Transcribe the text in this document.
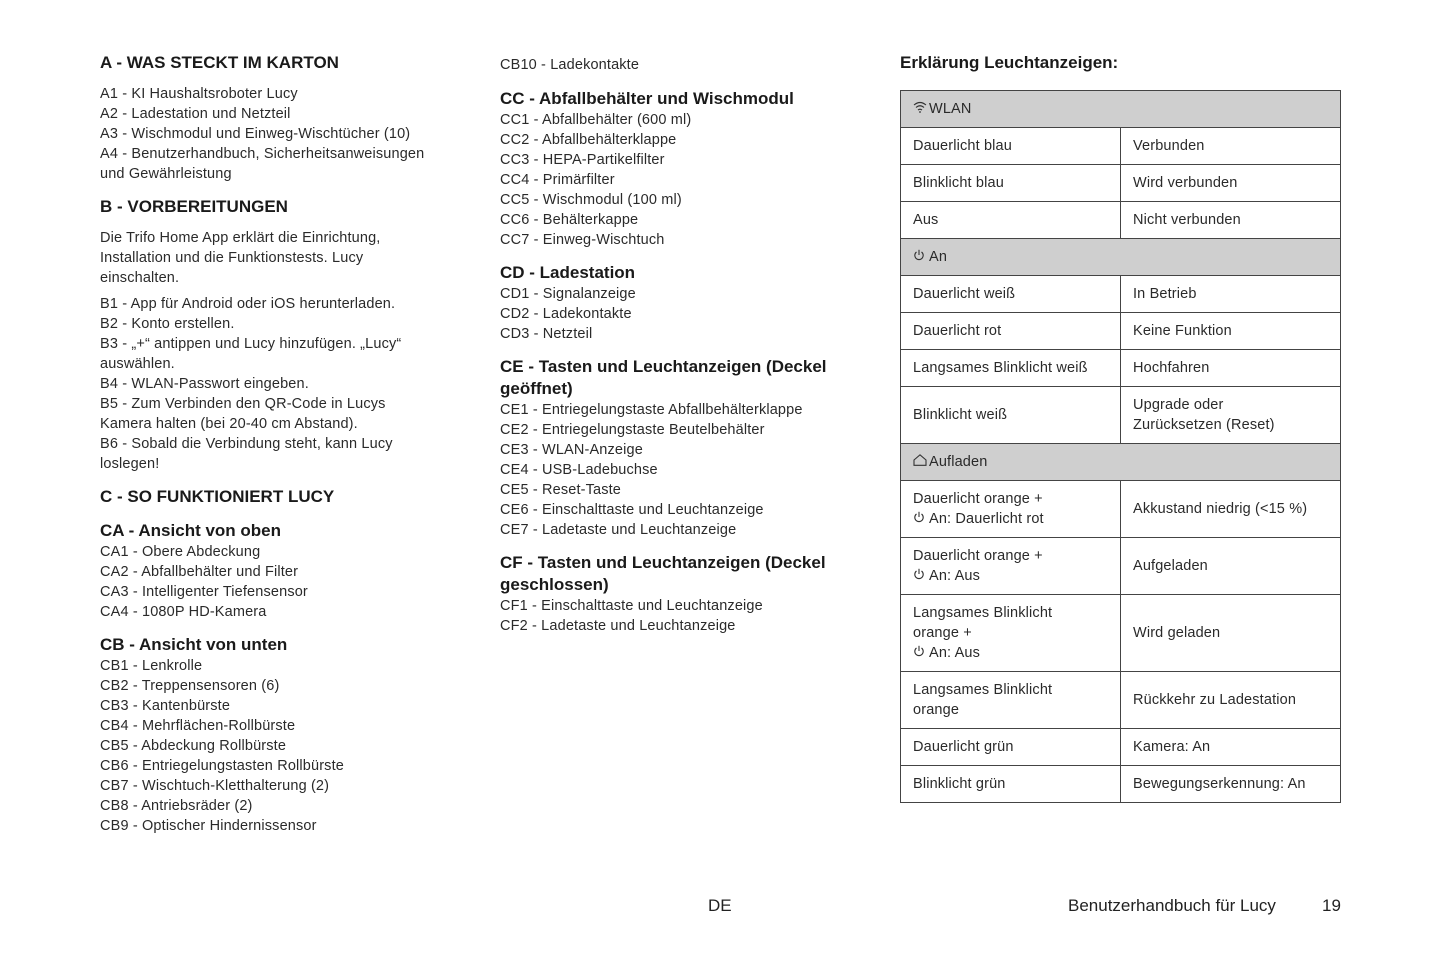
A - WAS STECKT IM KARTON
A1 - KI Haushaltsroboter Lucy
A2 - Ladestation und Netzteil
A3 - Wischmodul und Einweg-Wischtücher (10)
A4 - Benutzerhandbuch, Sicherheitsanweisungen
und Gewährleistung
B - VORBEREITUNGEN

Die Trifo Home App erklärt die Einrichtung,

Installation und die Funktionstests. Lucy

einschalten.

B1 - App für Android oder iOS herunterladen.
B2 - Konto erstellen.
B3 - „+“ antippen und Lucy hinzufügen. „Lucy“
auswählen.
B4 - WLAN-Passwort eingeben.
B5 - Zum Verbinden den QR-Code in Lucys
Kamera halten (bei 20-40 cm Abstand).
B6 - Sobald die Verbindung steht, kann Lucy
loslegen!
C - SO FUNKTIONIERT LUCY
CA - Ansicht von oben
CA1 - Obere Abdeckung
CA2 - Abfallbehälter und Filter
CA3 - Intelligenter Tiefensensor
CA4 - 1080P HD-Kamera
CB - Ansicht von unten
CB1 - Lenkrolle
CB2 - Treppensensoren (6)
CB3 - Kantenbürste
CB4 - Mehrflächen-Rollbürste
CB5 - Abdeckung Rollbürste
CB6 - Entriegelungstasten Rollbürste
CB7 - Wischtuch-Kletthalterung (2)
CB8 - Antriebsräder (2)
CB9 - Optischer Hindernissensor

CB10 - Ladekontakte

CC - Abfallbehälter und Wischmodul
CC1 - Abfallbehälter (600 ml)
CC2 - Abfallbehälterklappe
CC3 - HEPA-Partikelfilter
CC4 - Primärfilter
CC5 - Wischmodul (100 ml)
CC6 - Behälterkappe
CC7 - Einweg-Wischtuch
CD - Ladestation
CD1 - Signalanzeige
CD2 - Ladekontakte
CD3 - Netzteil
CE - Tasten und Leuchtanzeigen (Deckel
geöffnet)
CE1 - Entriegelungstaste Abfallbehälterklappe
CE2 - Entriegelungstaste Beutelbehälter
CE3 - WLAN-Anzeige
CE4 - USB-Ladebuchse
CE5 - Reset-Taste
CE6 - Einschalttaste und Leuchtanzeige
CE7 - Ladetaste und Leuchtanzeige
CF - Tasten und Leuchtanzeigen (Deckel
geschlossen)
CF1 - Einschalttaste und Leuchtanzeige
CF2 - Ladetaste und Leuchtanzeige
Erklärung Leuchtanzeigen:
WLAN	
Dauerlicht blau	Verbunden
Blinklicht blau	Wird verbunden
Aus	Nicht verbunden
An	
Dauerlicht weiß	In Betrieb
Dauerlicht rot	Keine Funktion
Langsames Blinklicht weiß	Hochfahren
Blinklicht weiß	Upgrade oder
Zurücksetzen (Reset)
Aufladen	
Dauerlicht orange +
An: Dauerlicht rot	Akkustand niedrig (<15 %)
Dauerlicht orange +
An: Aus	Aufgeladen
Langsames Blinklicht
orange +
An: Aus	Wird geladen
Langsames Blinklicht
orange	Rückkehr zu Ladestation
Dauerlicht grün	Kamera: An
Blinklicht grün	Bewegungserkennung: An
DE	Benutzerhandbuch für Lucy	19
